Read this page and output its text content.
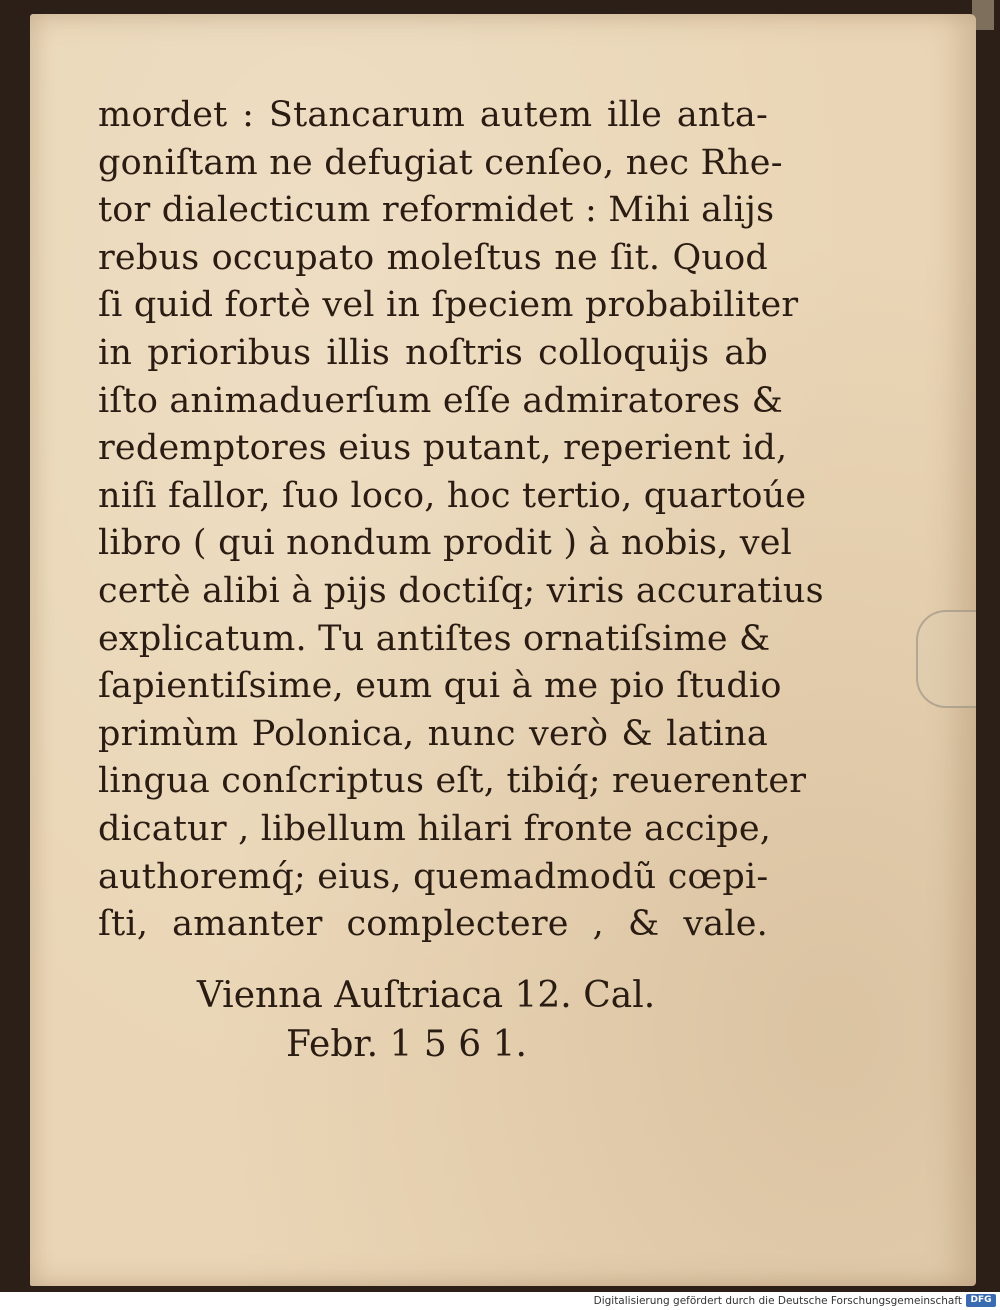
mordet : Stancarum autem ille anta-
goniſtam ne defugiat cenſeo, nec Rhe-
tor dialecticum reformidet : Mihi alijs
rebus occupato moleſtus ne ſit. Quod
ſi quid fortè vel in ſpeciem probabiliter
in prioribus illis noſtris colloquijs ab
iſto animaduerſum eſſe admiratores &
redemptores eius putant, reperient id,
niſi fallor, ſuo loco, hoc tertio, quartoúe
libro ( qui nondum prodit ) à nobis, vel
certè alibi à pijs doctiſq; viris accuratius
explicatum. Tu antiſtes ornatiſsime &
ſapientiſsime, eum qui à me pio ſtudio
primùm Polonica, nunc verò & latina
lingua conſcriptus eſt, tibiq́; reuerenter
dicatur , libellum hilari fronte accipe,
authoremq́; eius, quemadmodũ cœpi-
ſti, amanter complectere , & vale.
Vienna Auſtriaca 12. Cal.
Febr. 1 5 6 1.
Digitalisierung gefördert durch die Deutsche Forschungsgemeinschaft DFG
